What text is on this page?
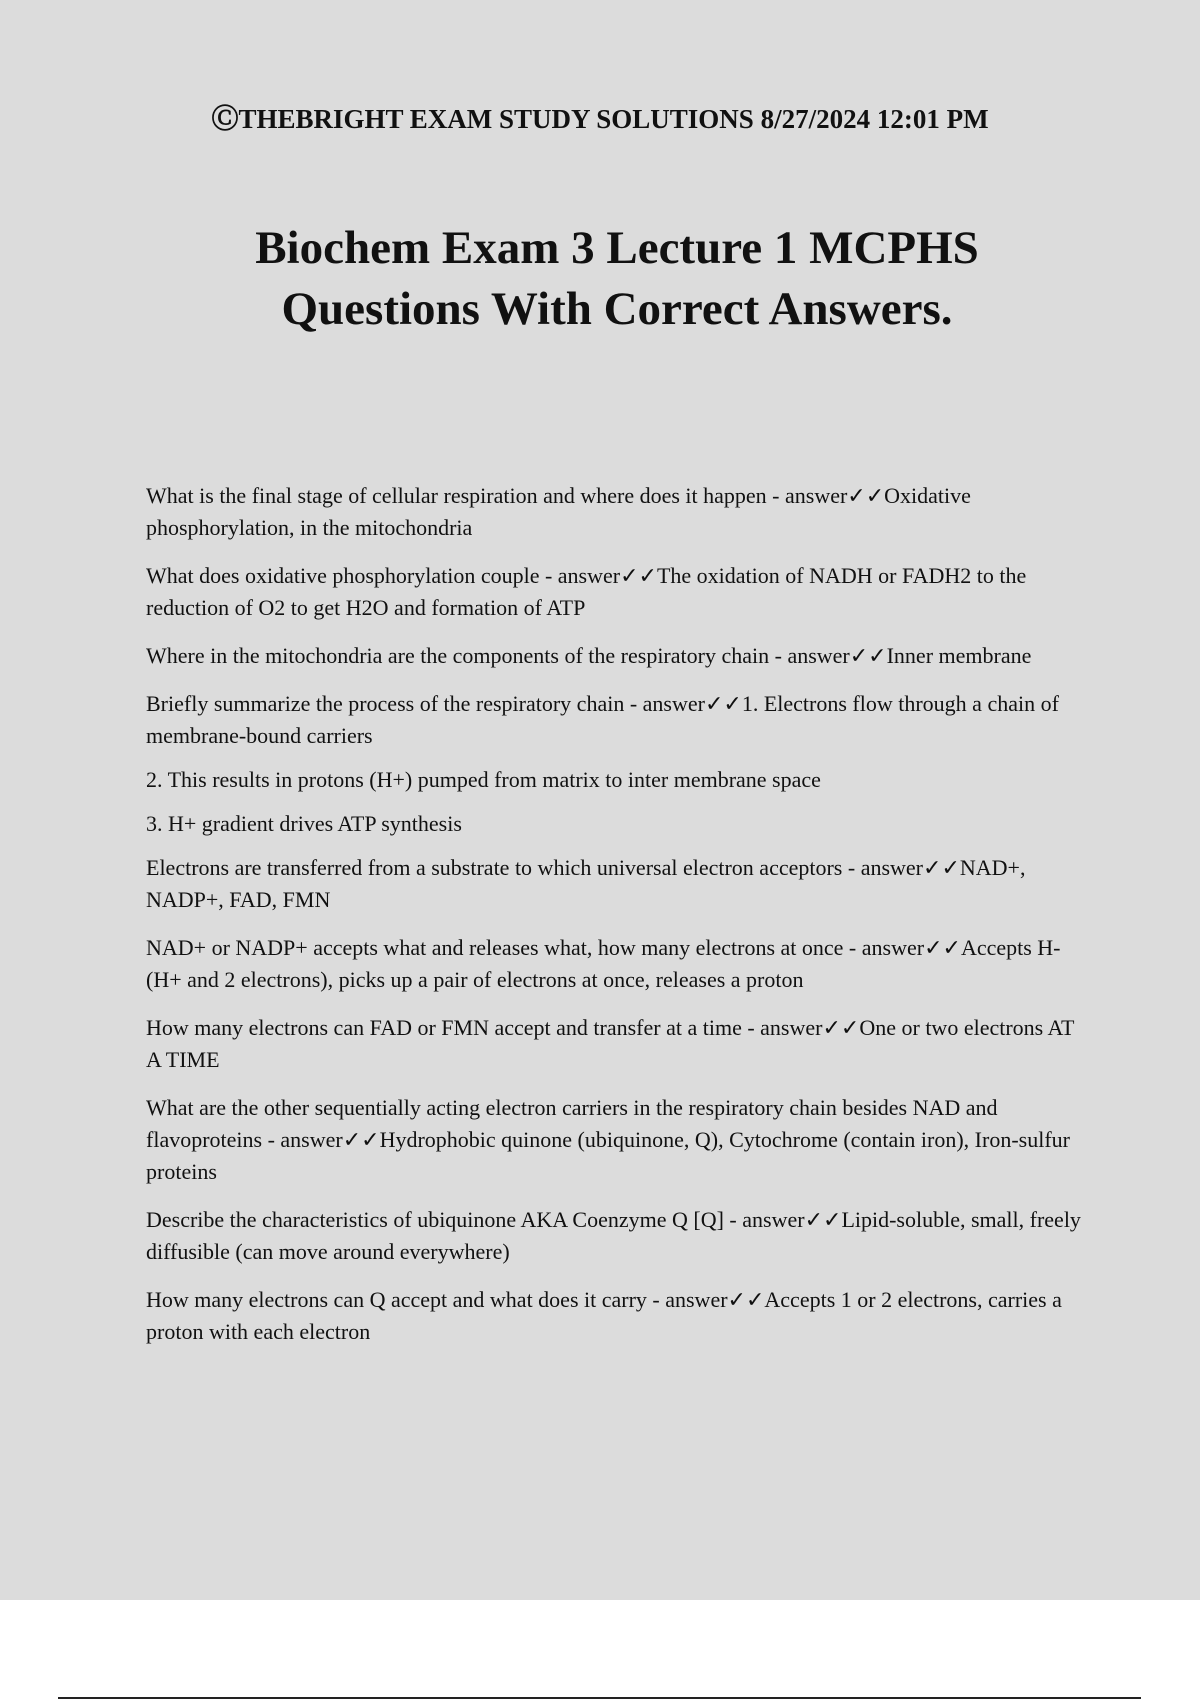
ⒸTHEBRIGHT EXAM STUDY SOLUTIONS 8/27/2024 12:01 PM
Biochem Exam 3 Lecture 1 MCPHS
Questions With Correct Answers.

What is the final stage of cellular respiration and where does it happen - answer✓✓Oxidative phosphorylation, in the mitochondria

What does oxidative phosphorylation couple - answer✓✓The oxidation of NADH or FADH2 to the reduction of O2 to get H2O and formation of ATP

Where in the mitochondria are the components of the respiratory chain - answer✓✓Inner membrane

Briefly summarize the process of the respiratory chain - answer✓✓1. Electrons flow through a chain of membrane-bound carriers

2. This results in protons (H+) pumped from matrix to inter membrane space

3. H+ gradient drives ATP synthesis

Electrons are transferred from a substrate to which universal electron acceptors - answer✓✓NAD+, NADP+, FAD, FMN

NAD+ or NADP+ accepts what and releases what, how many electrons at once - answer✓✓Accepts H- (H+ and 2 electrons), picks up a pair of electrons at once, releases a proton

How many electrons can FAD or FMN accept and transfer at a time - answer✓✓One or two electrons AT A TIME

What are the other sequentially acting electron carriers in the respiratory chain besides NAD and flavoproteins - answer✓✓Hydrophobic quinone (ubiquinone, Q), Cytochrome (contain iron), Iron-sulfur proteins

Describe the characteristics of ubiquinone AKA Coenzyme Q [Q] - answer✓✓Lipid-soluble, small, freely diffusible (can move around everywhere)

How many electrons can Q accept and what does it carry - answer✓✓Accepts 1 or 2 electrons, carries a proton with each electron
